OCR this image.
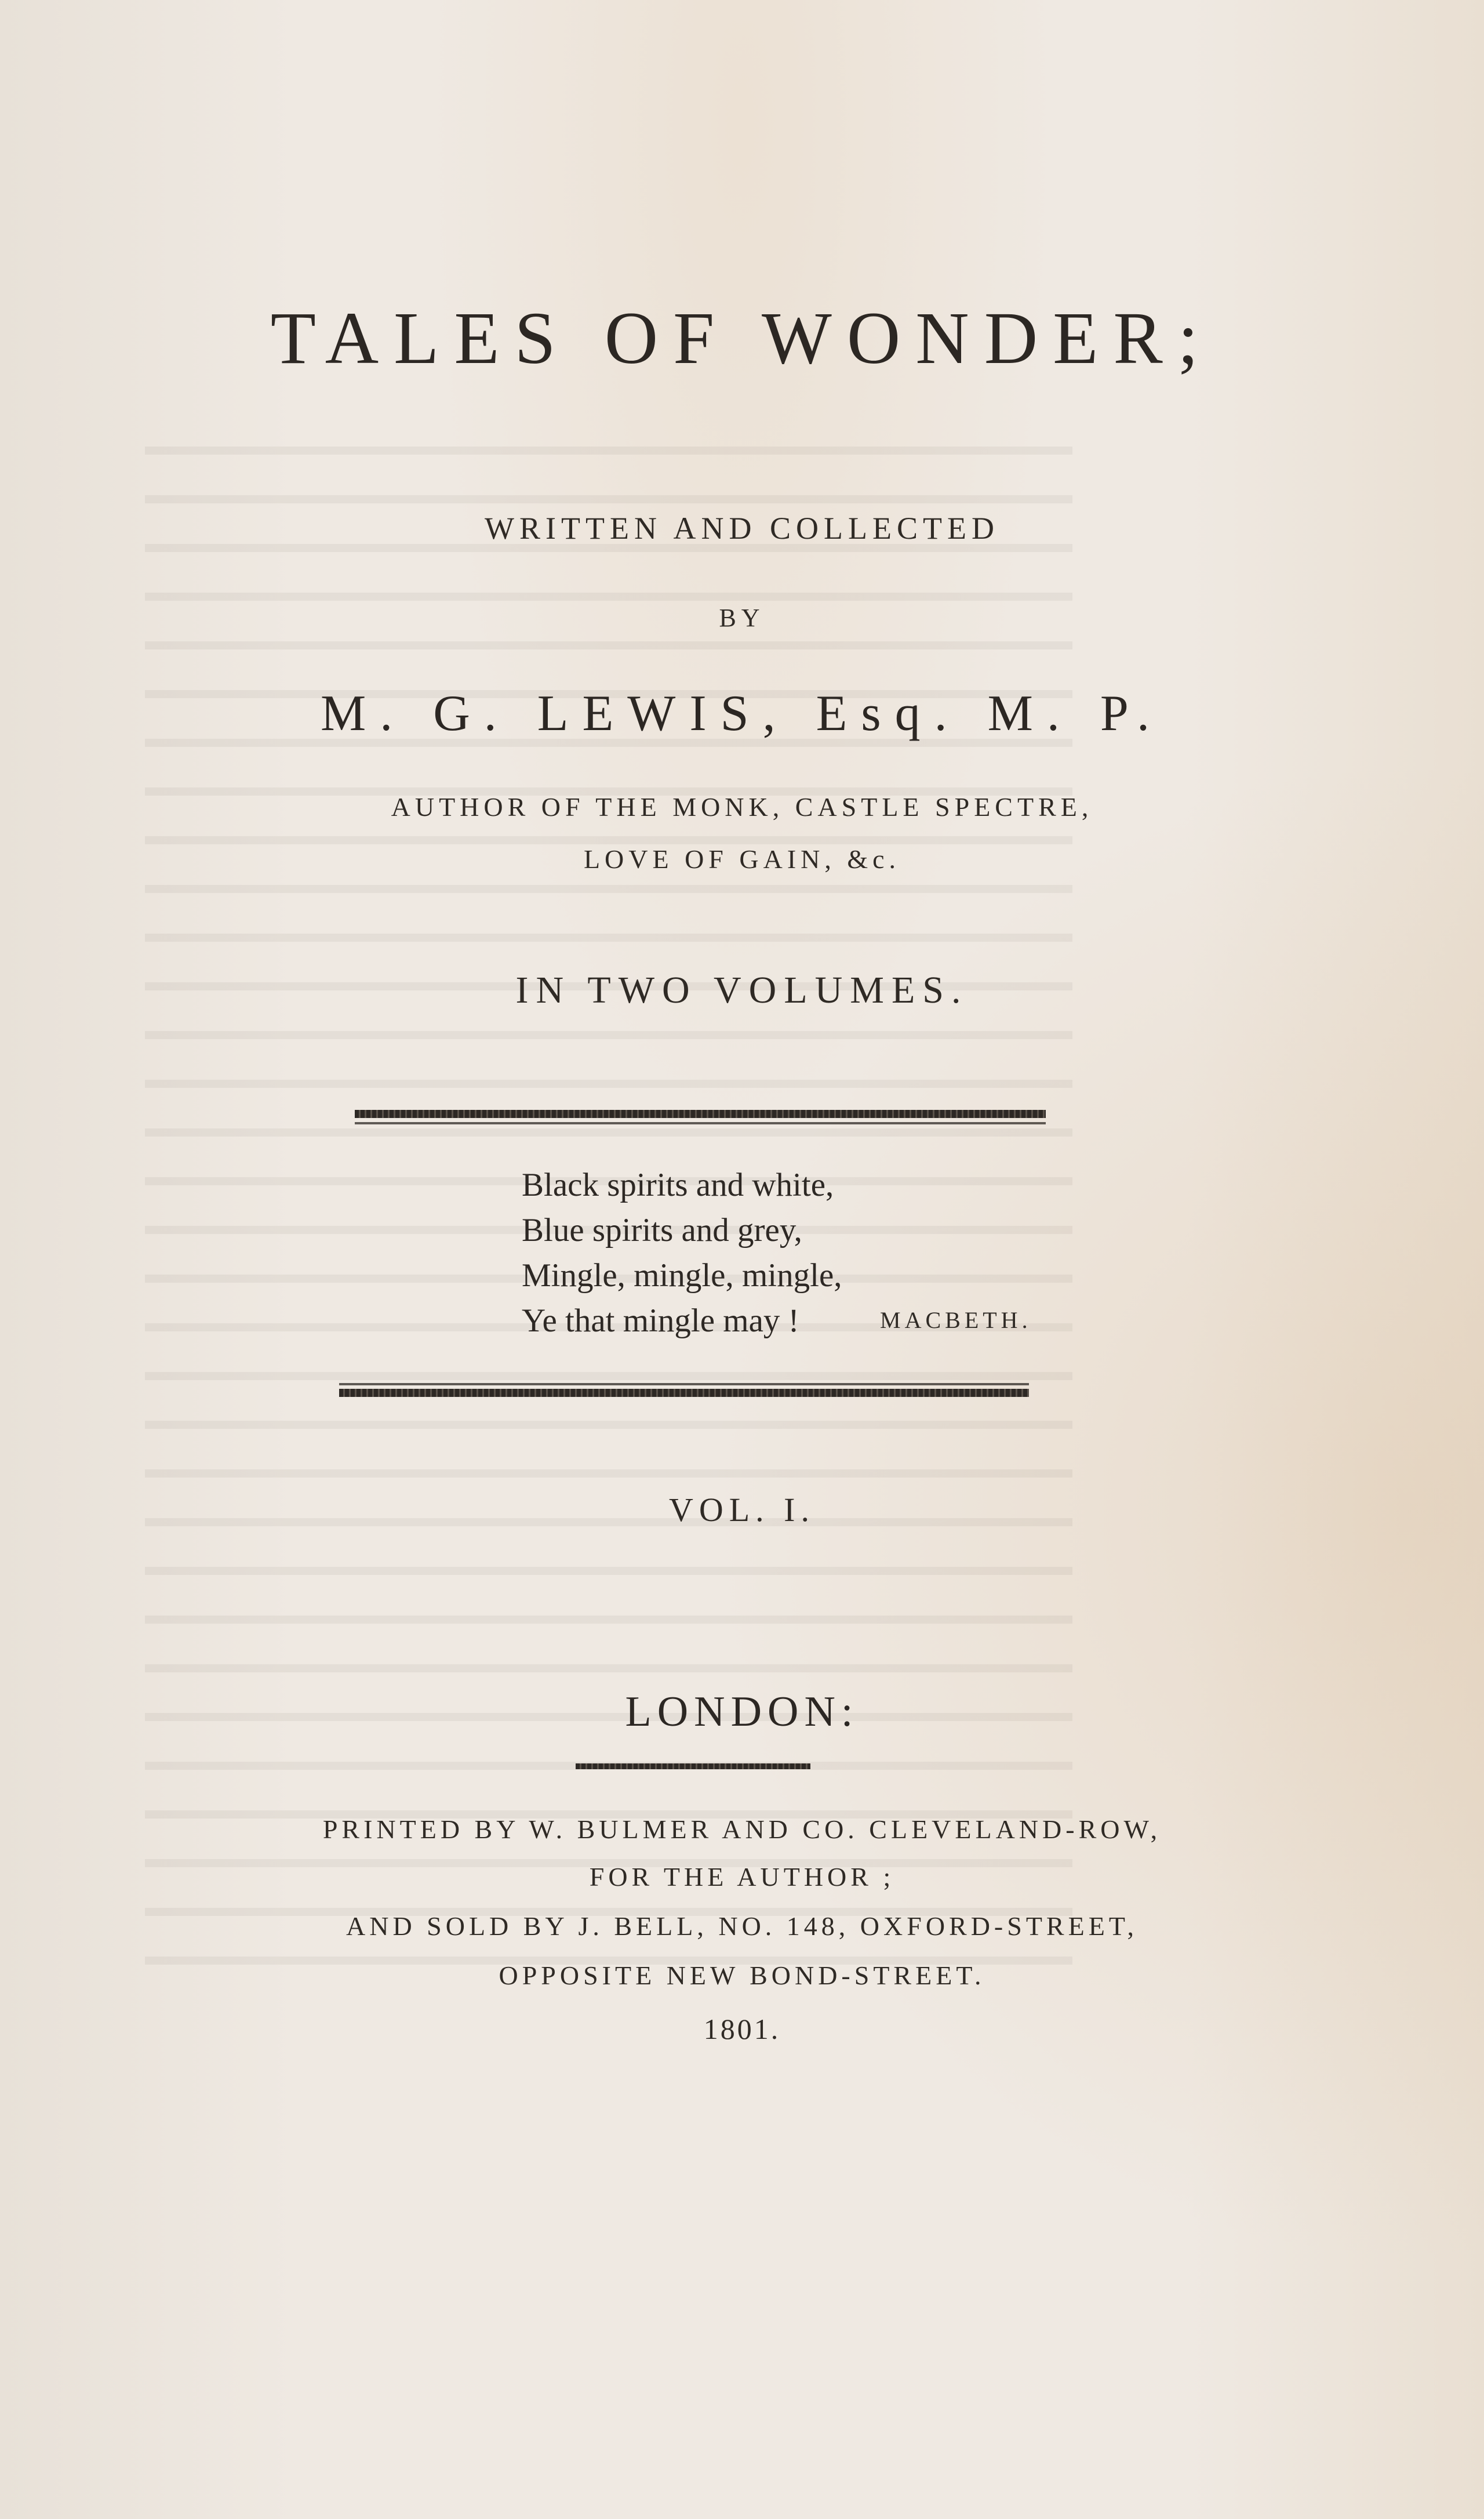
TALES OF WONDER;
WRITTEN AND COLLECTED
BY
M. G. LEWIS, Esq. M. P.
AUTHOR OF THE MONK, CASTLE SPECTRE,
LOVE OF GAIN, &c.
IN TWO VOLUMES.
Black spirits and white,
Blue spirits and grey,
Mingle, mingle, mingle,
Ye that mingle may !	MACBETH.
VOL. I.
LONDON:
PRINTED BY W. BULMER AND CO. CLEVELAND-ROW,
FOR THE AUTHOR ;
AND SOLD BY J. BELL, NO. 148, OXFORD-STREET,
OPPOSITE NEW BOND-STREET.
1801.
